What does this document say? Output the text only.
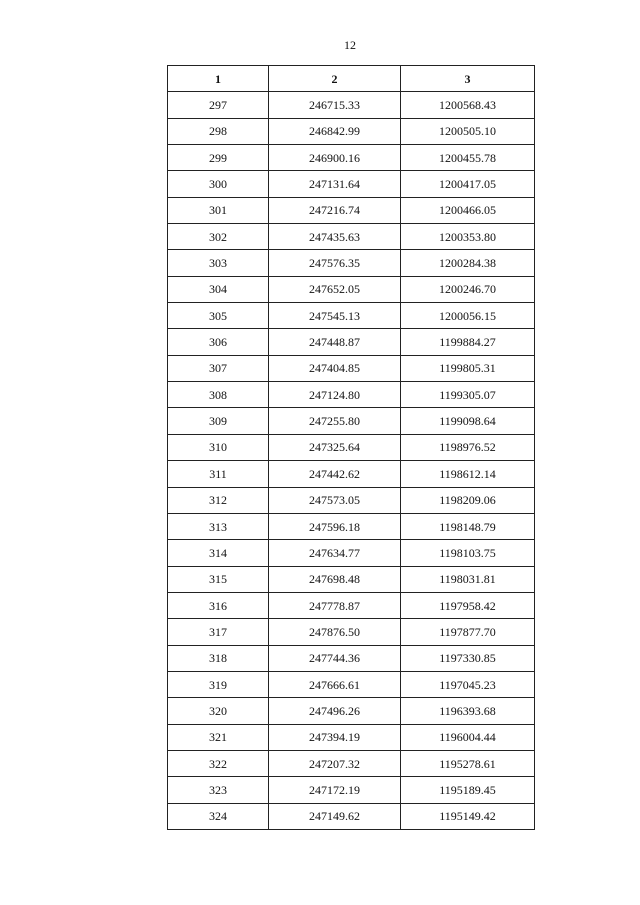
12
1	2	3
297	246715.33	1200568.43
298	246842.99	1200505.10
299	246900.16	1200455.78
300	247131.64	1200417.05
301	247216.74	1200466.05
302	247435.63	1200353.80
303	247576.35	1200284.38
304	247652.05	1200246.70
305	247545.13	1200056.15
306	247448.87	1199884.27
307	247404.85	1199805.31
308	247124.80	1199305.07
309	247255.80	1199098.64
310	247325.64	1198976.52
311	247442.62	1198612.14
312	247573.05	1198209.06
313	247596.18	1198148.79
314	247634.77	1198103.75
315	247698.48	1198031.81
316	247778.87	1197958.42
317	247876.50	1197877.70
318	247744.36	1197330.85
319	247666.61	1197045.23
320	247496.26	1196393.68
321	247394.19	1196004.44
322	247207.32	1195278.61
323	247172.19	1195189.45
324	247149.62	1195149.42
